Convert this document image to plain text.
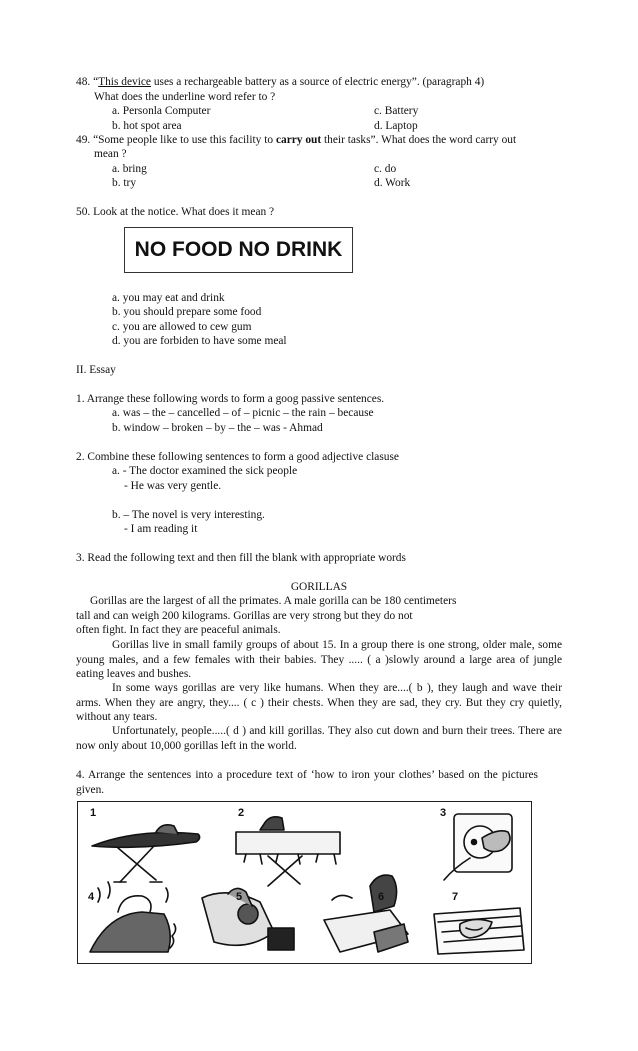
48. “This device uses a rechargeable battery as a source of electric energy”. (paragraph 4)
What does the underline word refer to ?
a. Personla Computer
b. hot spot area
c. Battery
d. Laptop
49. “Some people like to use this facility to carry out their tasks”. What does the word carry out
mean ?
a. bring
b. try
c. do
d. Work
50. Look at the notice. What does it mean ?
NO FOOD NO DRINK
a. you may eat and drink
b. you should prepare some food
c. you are allowed to cew gum
d. you are forbiden to have some meal
II. Essay
1. Arrange these following words to form a goog passive sentences.
a. was – the – cancelled – of – picnic – the rain – because
b. window – broken – by – the – was - Ahmad
2. Combine these following sentences to form a good adjective clasuse
a. - The doctor examined the sick people
- He was very gentle.
b. – The novel is very interesting.
- I am reading it
3. Read the following text and then fill the blank with appropriate words
GORILLAS
Gorillas are the largest of all the primates. A male gorilla can be 180 centimeters
tall and can weigh 200 kilograms. Gorillas are very strong but they do not
often fight. In fact they are peaceful animals.
Gorillas live in small family groups of about 15. In a group there is one strong, older male, some young males, and a few females with their babies. They ..... ( a )slowly around a large area of jungle eating leaves and bushes.
In some ways gorillas are very like humans. When they are....( b ), they laugh and wave their arms. When they are angry, they.... ( c ) their chests. When they are sad, they cry. But they cry quietly, without any tears.
Unfortunately, people.....( d ) and kill gorillas. They also cut down and burn their trees. There are now only about 10,000 gorillas left in the world.
4. Arrange the sentences into a procedure text of ‘how to iron your clothes’ based on the pictures given.
1	2	3
4	5	6	7
